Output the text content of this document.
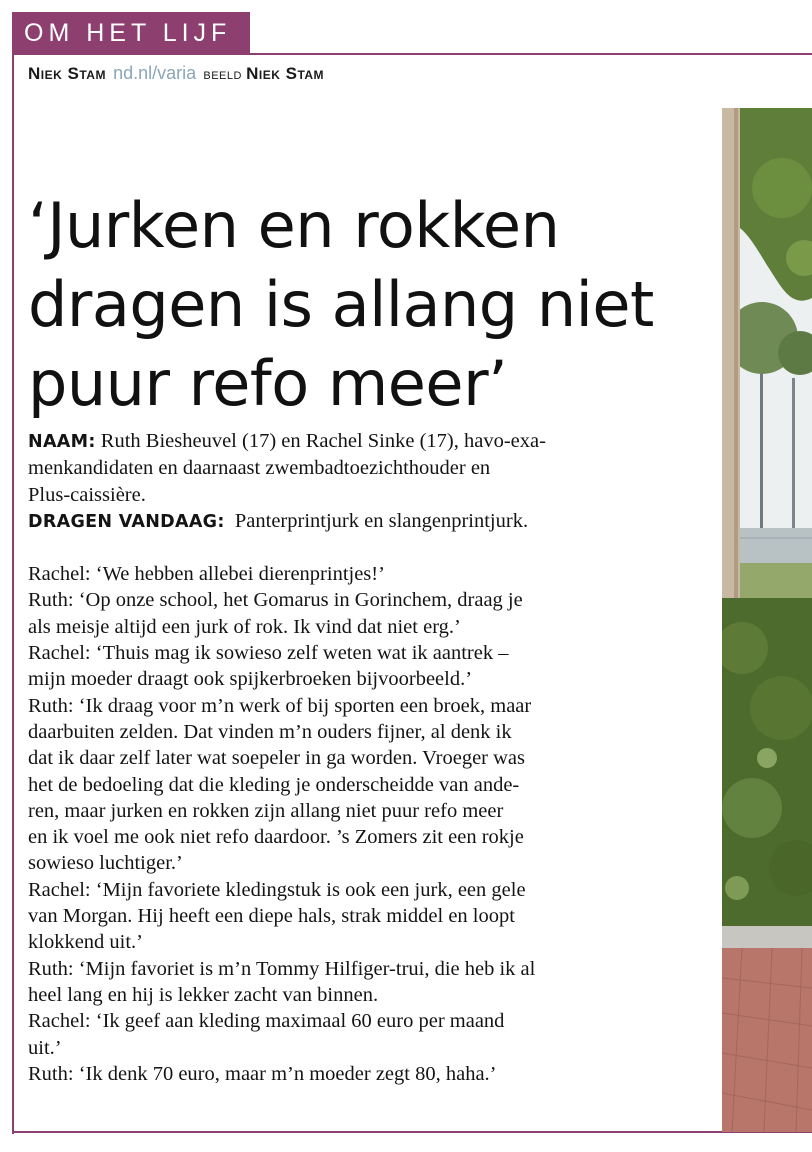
OM HET LIJF
Niek Stam nd.nl/varia beeld Niek Stam
‘Jurken en rokken
dragen is allang niet
puur refo meer’

NAAM: Ruth Biesheuvel (17) en Rachel Sinke (17), havo-exa-

menkandidaten en daarnaast zwembadtoezichthouder en

Plus-caissière.

DRAGEN VANDAAG: Panterprintjurk en slangenprintjurk.

Rachel: ‘We hebben allebei dierenprintjes!’

Ruth: ‘Op onze school, het Gomarus in Gorinchem, draag je

als meisje altijd een jurk of rok. Ik vind dat niet erg.’

Rachel: ‘Thuis mag ik sowieso zelf weten wat ik aantrek –

mijn moeder draagt ook spijkerbroeken bijvoorbeeld.’

Ruth: ‘Ik draag voor m’n werk of bij sporten een broek, maar

daarbuiten zelden. Dat vinden m’n ouders fijner, al denk ik

dat ik daar zelf later wat soepeler in ga worden. Vroeger was

het de bedoeling dat die kleding je onderscheidde van ande-

ren, maar jurken en rokken zijn allang niet puur refo meer

en ik voel me ook niet refo daardoor. ’s Zomers zit een rokje

sowieso luchtiger.’

Rachel: ‘Mijn favoriete kledingstuk is ook een jurk, een gele

van Morgan. Hij heeft een diepe hals, strak middel en loopt

klokkend uit.’

Ruth: ‘Mijn favoriet is m’n Tommy Hilfiger-trui, die heb ik al

heel lang en hij is lekker zacht van binnen.

Rachel: ‘Ik geef aan kleding maximaal 60 euro per maand

uit.’

Ruth: ‘Ik denk 70 euro, maar m’n moeder zegt 80, haha.’
